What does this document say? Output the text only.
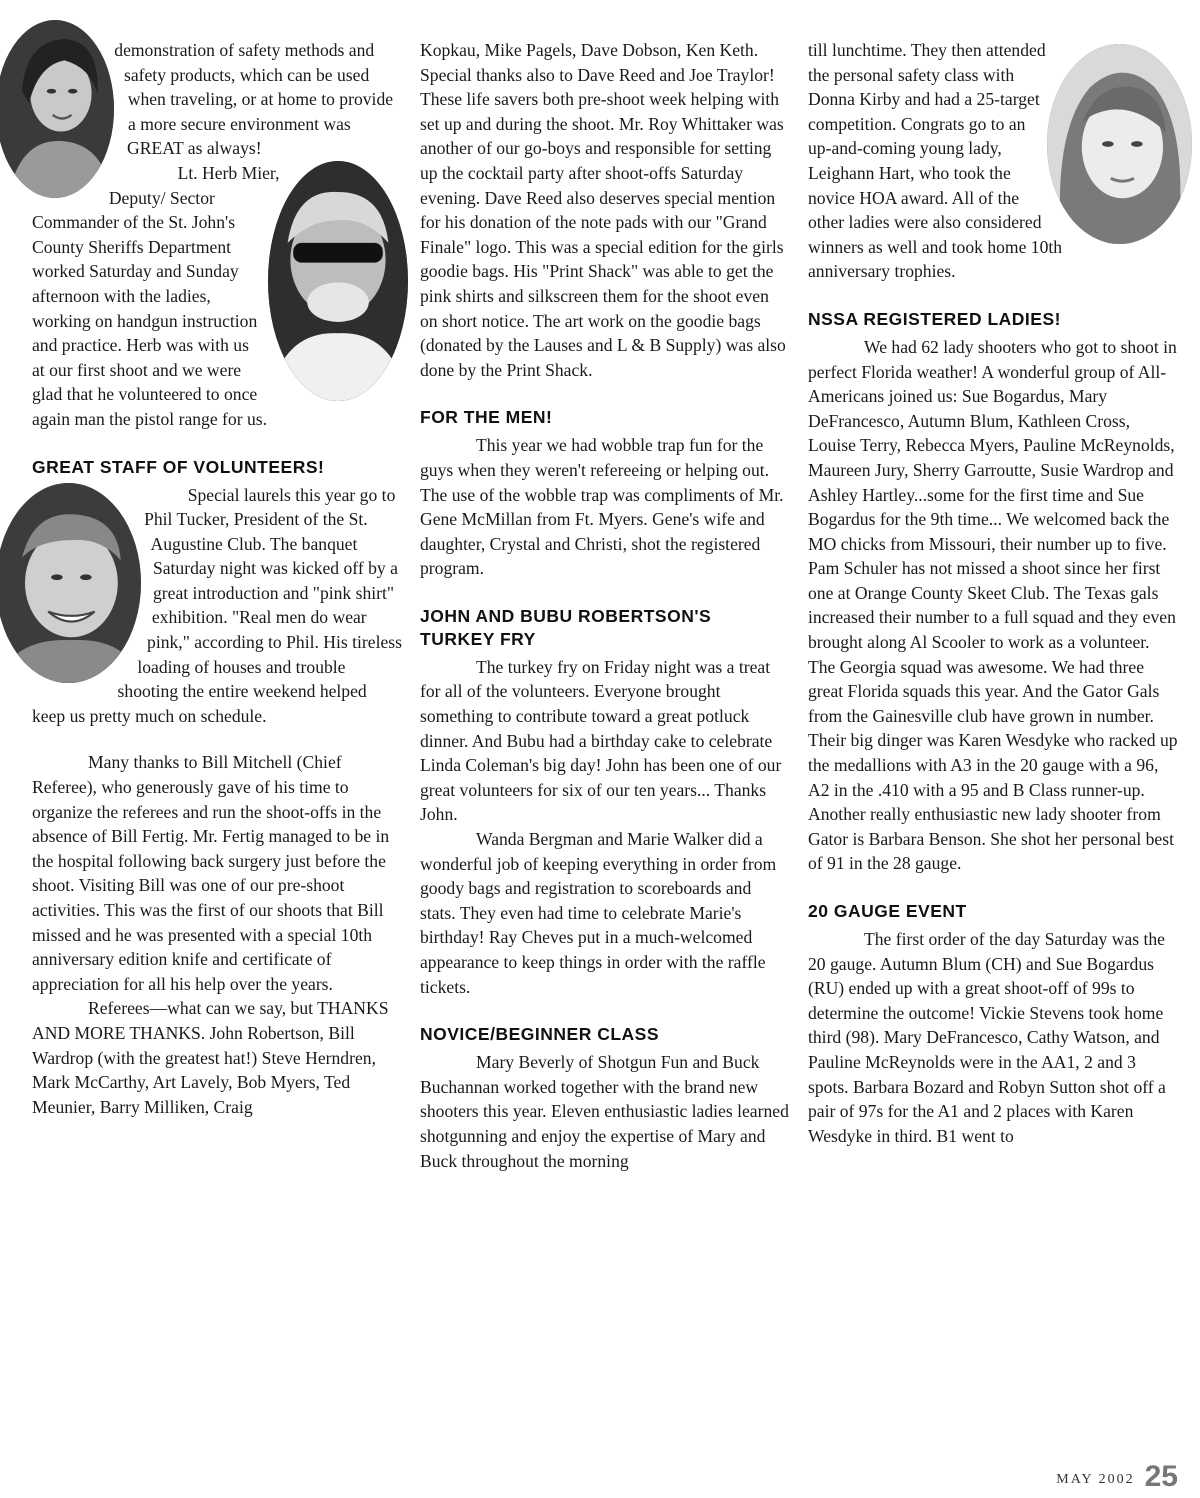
demonstration of safety methods and safety products, which can be used when traveling, or at home to provide a more secure environment was GREAT as always!

Lt. Herb Mier, Deputy/ Sector Commander of the St. John's County Sheriffs Department worked Saturday and Sunday afternoon with the ladies, working on handgun instruction and practice. Herb was with us at our first shoot and we were glad that he volunteered to once again man the pistol range for us.

GREAT STAFF OF VOLUNTEERS!

Special laurels this year go to Phil Tucker, President of the St. Augustine Club. The banquet Saturday night was kicked off by a great introduction and "pink shirt" exhibition. "Real men do wear pink," according to Phil. His tireless loading of houses and trouble shooting the entire weekend helped keep us pretty much on schedule.

Many thanks to Bill Mitchell (Chief Referee), who generously gave of his time to organize the referees and run the shoot-offs in the absence of Bill Fertig. Mr. Fertig managed to be in the hospital following back surgery just before the shoot. Visiting Bill was one of our pre-shoot activities. This was the first of our shoots that Bill missed and he was presented with a special 10th anniversary edition knife and certificate of appreciation for all his help over the years.

Referees—what can we say, but THANKS AND MORE THANKS. John Robertson, Bill Wardrop (with the greatest hat!) Steve Herndren, Mark McCarthy, Art Lavely, Bob Myers, Ted Meunier, Barry Milliken, Craig

Kopkau, Mike Pagels, Dave Dobson, Ken Keth. Special thanks also to Dave Reed and Joe Traylor! These life savers both pre-shoot week helping with set up and during the shoot. Mr. Roy Whittaker was another of our go-boys and responsible for setting up the cocktail party after shoot-offs Saturday evening. Dave Reed also deserves special mention for his donation of the note pads with our "Grand Finale" logo. This was a special edition for the girls goodie bags. His "Print Shack" was able to get the pink shirts and silkscreen them for the shoot even on short notice. The art work on the goodie bags (donated by the Lauses and L & B Supply) was also done by the Print Shack.

FOR THE MEN!

This year we had wobble trap fun for the guys when they weren't refereeing or helping out. The use of the wobble trap was compliments of Mr. Gene McMillan from Ft. Myers. Gene's wife and daughter, Crystal and Christi, shot the registered program.

JOHN AND BUBU ROBERTSON'S TURKEY FRY

The turkey fry on Friday night was a treat for all of the volunteers. Everyone brought something to contribute toward a great potluck dinner. And Bubu had a birthday cake to celebrate Linda Coleman's big day! John has been one of our great volunteers for six of our ten years... Thanks John.

Wanda Bergman and Marie Walker did a wonderful job of keeping everything in order from goody bags and registration to scoreboards and stats. They even had time to celebrate Marie's birthday! Ray Cheves put in a much-welcomed appearance to keep things in order with the raffle tickets.

NOVICE/BEGINNER CLASS

Mary Beverly of Shotgun Fun and Buck Buchannan worked together with the brand new shooters this year. Eleven enthusiastic ladies learned shotgunning and enjoy the expertise of Mary and Buck throughout the morning

till lunchtime. They then attended the personal safety class with Donna Kirby and had a 25-target competition. Congrats go to an up-and-coming young lady, Leighann Hart, who took the novice HOA award. All of the other ladies were also considered winners as well and took home 10th anniversary trophies.

NSSA REGISTERED LADIES!

We had 62 lady shooters who got to shoot in perfect Florida weather! A wonderful group of All-Americans joined us: Sue Bogardus, Mary DeFrancesco, Autumn Blum, Kathleen Cross, Louise Terry, Rebecca Myers, Pauline McReynolds, Maureen Jury, Sherry Garroutte, Susie Wardrop and Ashley Hartley...some for the first time and Sue Bogardus for the 9th time... We welcomed back the MO chicks from Missouri, their number up to five. Pam Schuler has not missed a shoot since her first one at Orange County Skeet Club. The Texas gals increased their number to a full squad and they even brought along Al Scooler to work as a volunteer. The Georgia squad was awesome. We had three great Florida squads this year. And the Gator Gals from the Gainesville club have grown in number. Their big dinger was Karen Wesdyke who racked up the medallions with A3 in the 20 gauge with a 96, A2 in the .410 with a 95 and B Class runner-up. Another really enthusiastic new lady shooter from Gator is Barbara Benson. She shot her personal best of 91 in the 28 gauge.

20 GAUGE EVENT

The first order of the day Saturday was the 20 gauge. Autumn Blum (CH) and Sue Bogardus (RU) ended up with a great shoot-off of 99s to determine the outcome! Vickie Stevens took home third (98). Mary DeFrancesco, Cathy Watson, and Pauline McReynolds were in the AA1, 2 and 3 spots. Barbara Bozard and Robyn Sutton shot off a pair of 97s for the A1 and 2 places with Karen Wesdyke in third. B1 went to

MAY 2002 25
